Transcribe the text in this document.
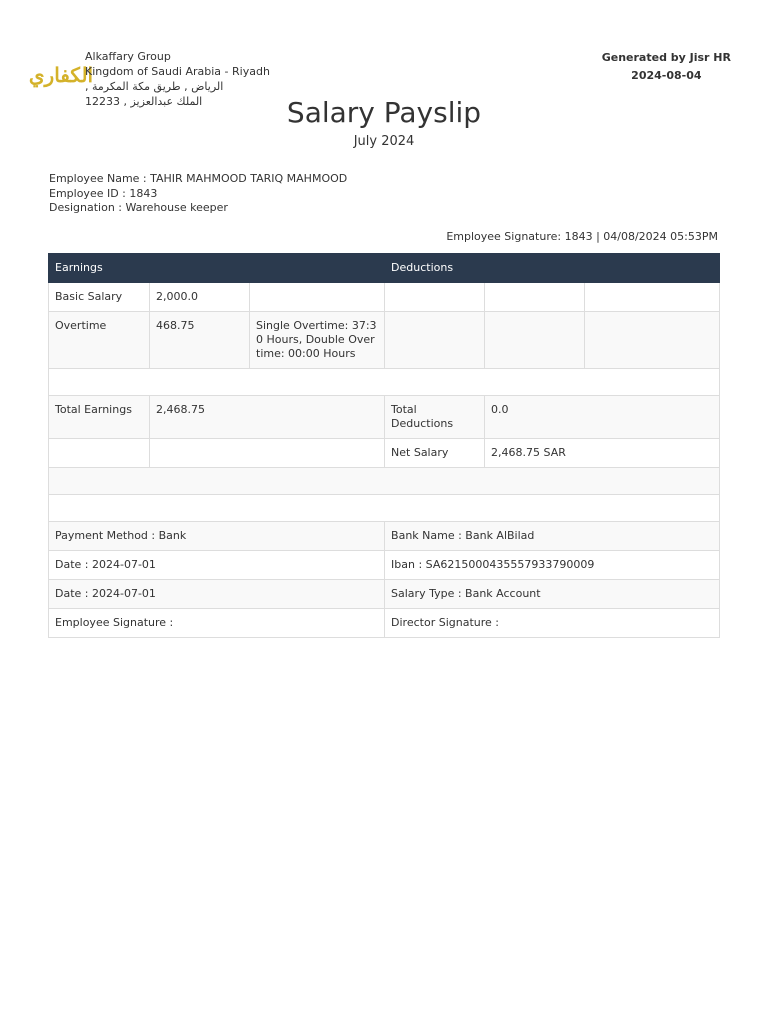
الكفاري
Alkaffary Group
Kingdom of Saudi Arabia - Riyadh
الرياض , طريق مكة المكرمة ,
الملك عبدالعزيز , 12233
Generated by Jisr HR
2024-08-04
Salary Payslip
July 2024
Employee Name : TAHIR MAHMOOD TARIQ MAHMOOD
Employee ID : 1843
Designation : Warehouse keeper
Employee Signature: 1843 | 04/08/2024 05:53PM
Earnings			Deductions		
Basic Salary	2,000.0				
Overtime	468.75	Single Overtime: 37:30 Hours, Double Overtime: 00:00 Hours			

Total Earnings	2,468.75		Total Deductions	0.0	
			Net Salary	2,468.75 SAR	

Payment Method : Bank			Bank Name : Bank AlBilad		
Date : 2024-07-01			Iban : SA6215000435557933790009		
Date : 2024-07-01			Salary Type : Bank Account		
Employee Signature :			Director Signature :		
